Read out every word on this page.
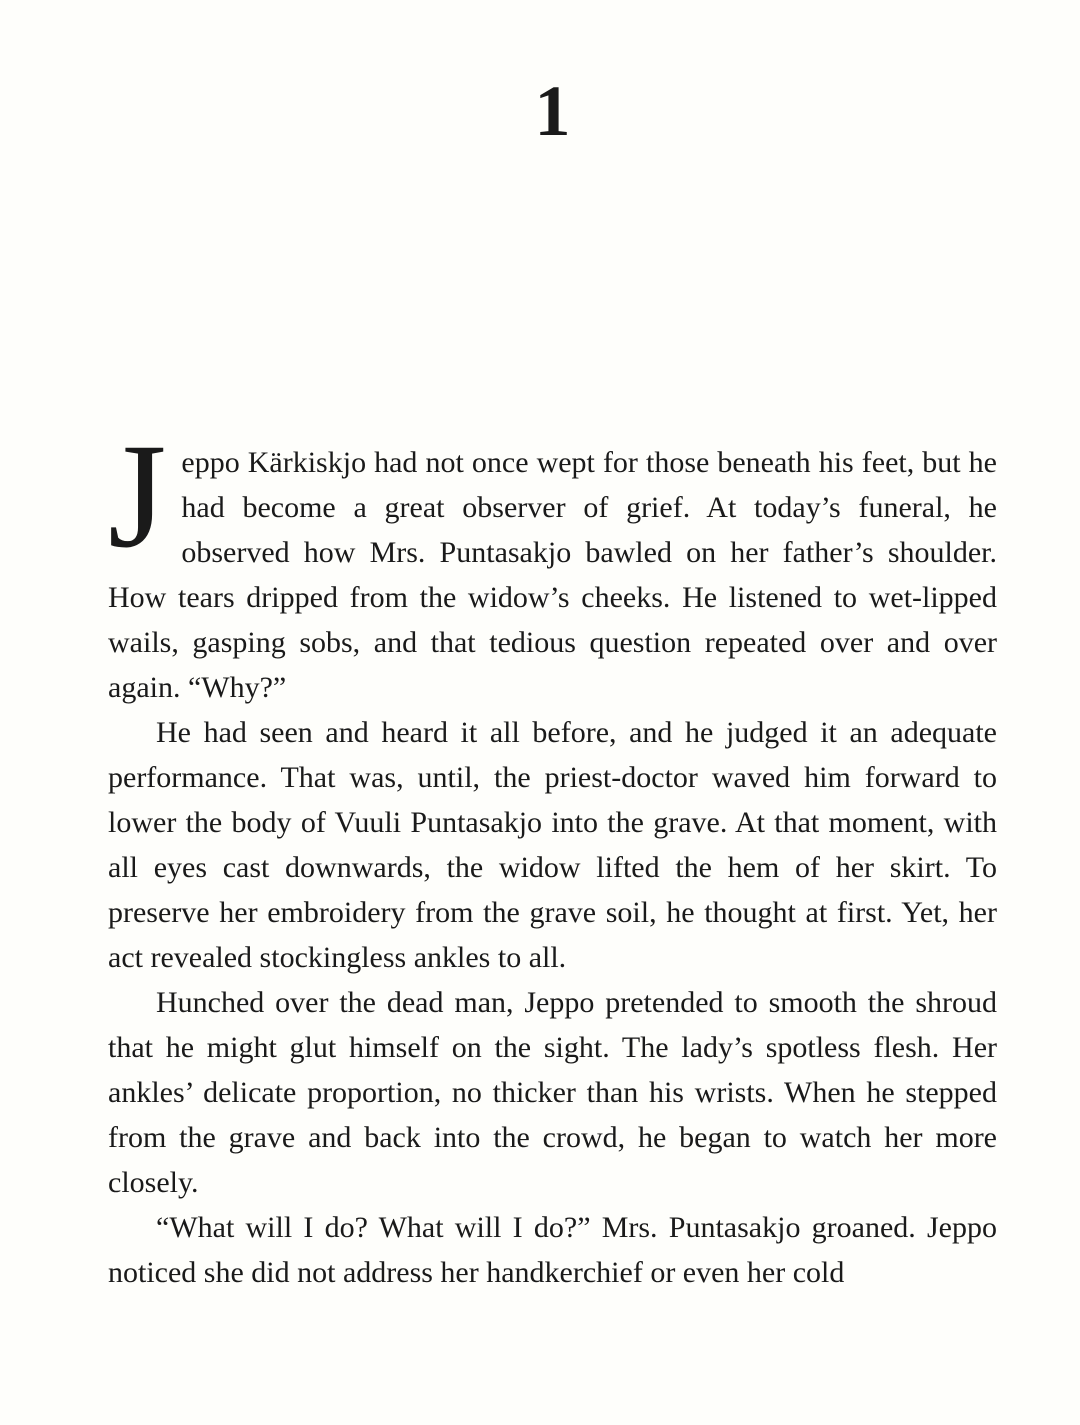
1

Jeppo Kärkiskjo had not once wept for those beneath his feet, but he had become a great observer of grief. At today’s funeral, he observed how Mrs. Puntasakjo bawled on her father’s shoulder. How tears dripped from the widow’s cheeks. He listened to wet-lipped wails, gasping sobs, and that tedious question repeated over and over again. “Why?”

He had seen and heard it all before, and he judged it an adequate performance. That was, until, the priest-doctor waved him forward to lower the body of Vuuli Puntasakjo into the grave. At that moment, with all eyes cast downwards, the widow lifted the hem of her skirt. To preserve her embroidery from the grave soil, he thought at first. Yet, her act revealed stockingless ankles to all.

Hunched over the dead man, Jeppo pretended to smooth the shroud that he might glut himself on the sight. The lady’s spotless flesh. Her ankles’ delicate proportion, no thicker than his wrists. When he stepped from the grave and back into the crowd, he began to watch her more closely.

“What will I do? What will I do?” Mrs. Puntasakjo groaned. Jeppo noticed she did not address her handkerchief or even her cold
